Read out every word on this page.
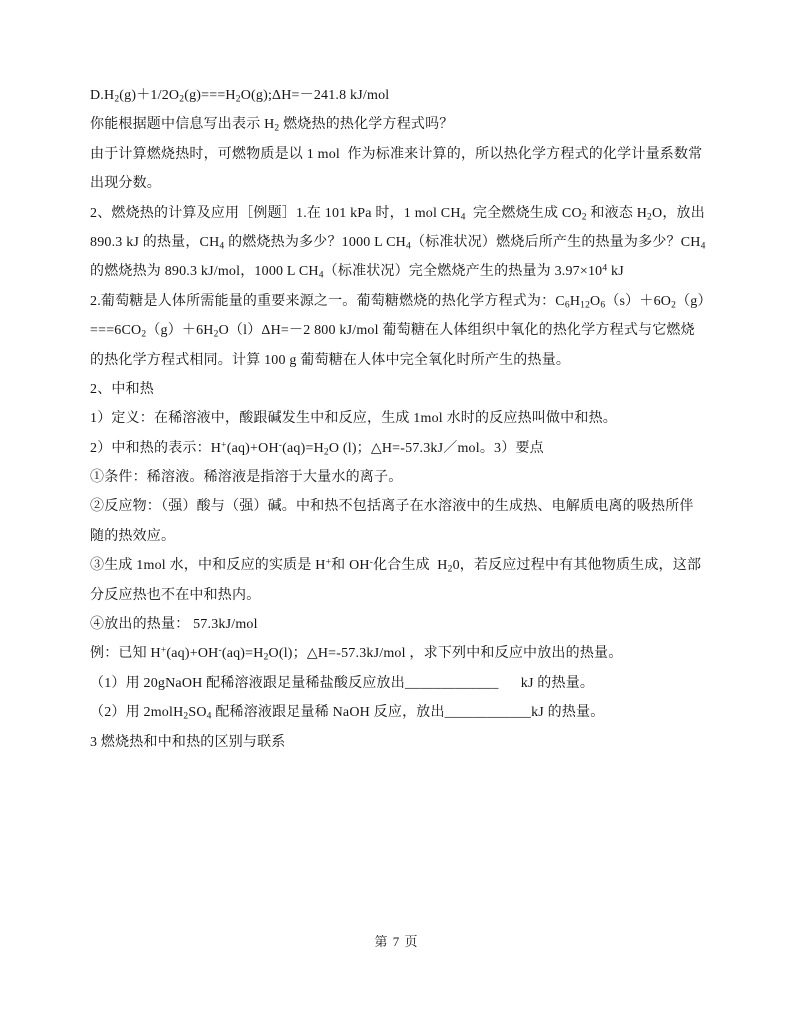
$D.H_2(g)+1/2O_2(g)===H_2O(g);\Delta H=-241.8$ kJ/mol
你能根据题中信息写出表示 $H_2$ 燃烧热的热化学方程式吗？
由于计算燃烧热时，可燃物质是以 1 mol  作为标准来计算的，所以热化学方程式的化学计量系数常
出现分数。
2、燃烧热的计算及应用［例题］1.在 101 kPa 时，1 mol $CH_4$  完全燃烧生成 $CO_2$ 和液态 $H_2O$，放出
890.3 kJ 的热量，$CH_4$ 的燃烧热为多少？1000 L $CH_4$（标准状况）燃烧后所产生的热量为多少？$CH_4$
的燃烧热为 890.3 kJ/mol，1000 L $CH_4$（标准状况）完全燃烧产生的热量为 $3.97\times 10^4$ kJ
2.葡萄糖是人体所需能量的重要来源之一。葡萄糖燃烧的热化学方程式为：$C_6H_{12}O_6(s)+6O_2(g)$
$===6CO_2(g)+6H_2O(l)\Delta H=-2$ 800 kJ/mol 葡萄糖在人体组织中氧化的热化学方程式与它燃烧
的热化学方程式相同。计算 100 g 葡萄糖在人体中完全氧化时所产生的热量。
2、中和热
1）定义：在稀溶液中，酸跟碱发生中和反应，生成 1mol 水时的反应热叫做中和热。
2）中和热的表示：$H^+(aq)+OH^-(aq)=H_2O$ (l)；△H=-57.3kJ／mol。3）要点
①条件：稀溶液。稀溶液是指溶于大量水的离子。
②反应物：（强）酸与（强）碱。中和热不包括离子在水溶液中的生成热、电解质电离的吸热所伴
随的热效应。
③生成 1mol 水，中和反应的实质是 H+和 OH-化合生成  $H_20$，若反应过程中有其他物质生成，这部
分反应热也不在中和热内。
④放出的热量： 57.3kJ/mol
例：已知 $H^+(aq)+OH^-(aq)=H_2O(l)$；△H=-57.3kJ/mol ，求下列中和反应中放出的热量。
（1）用 20gNaOH 配稀溶液跟足量稀盐酸反应放出_____________      kJ 的热量。
（2）用 $2molH_2SO_4$ 配稀溶液跟足量稀 NaOH 反应，放出____________kJ 的热量。
3 燃烧热和中和热的区别与联系
第 7 页
